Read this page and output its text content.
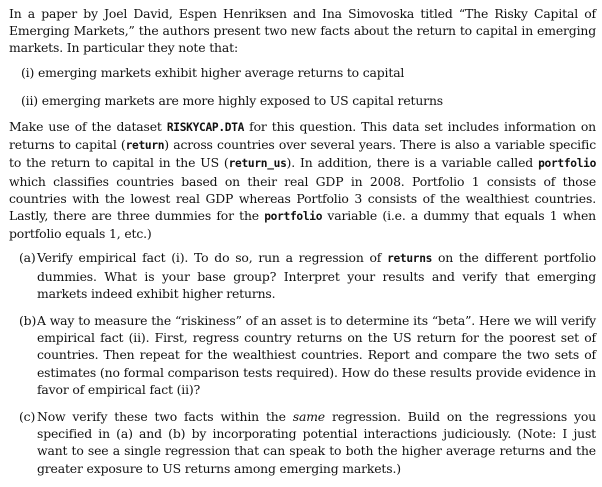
In a paper by Joel David, Espen Henriksen and Ina Simovoska titled “The Risky Capital of Emerging Markets,” the authors present two new facts about the return to capital in emerging markets. In particular they note that:

(i) emerging markets exhibit higher average returns to capital
(ii) emerging markets are more highly exposed to US capital returns

Make use of the dataset RISKYCAP.DTA for this question. This data set includes information on returns to capital (return) across countries over several years. There is also a variable specific to the return to capital in the US (return_us). In addition, there is a variable called portfolio which classifies countries based on their real GDP in 2008. Portfolio 1 consists of those countries with the lowest real GDP whereas Portfolio 3 consists of the wealthiest countries. Lastly, there are three dummies for the portfolio variable (i.e. a dummy that equals 1 when portfolio equals 1, etc.)

(a) Verify empirical fact (i). To do so, run a regression of returns on the different portfolio dummies. What is your base group? Interpret your results and verify that emerging markets indeed exhibit higher returns.
(b) A way to measure the “riskiness” of an asset is to determine its “beta”. Here we will verify empirical fact (ii). First, regress country returns on the US return for the poorest set of countries. Then repeat for the wealthiest countries. Report and compare the two sets of estimates (no formal comparison tests required). How do these results provide evidence in favor of empirical fact (ii)?
(c) Now verify these two facts within the same regression. Build on the regressions you specified in (a) and (b) by incorporating potential interactions judiciously. (Note: I just want to see a single regression that can speak to both the higher average returns and the greater exposure to US returns among emerging markets.)
